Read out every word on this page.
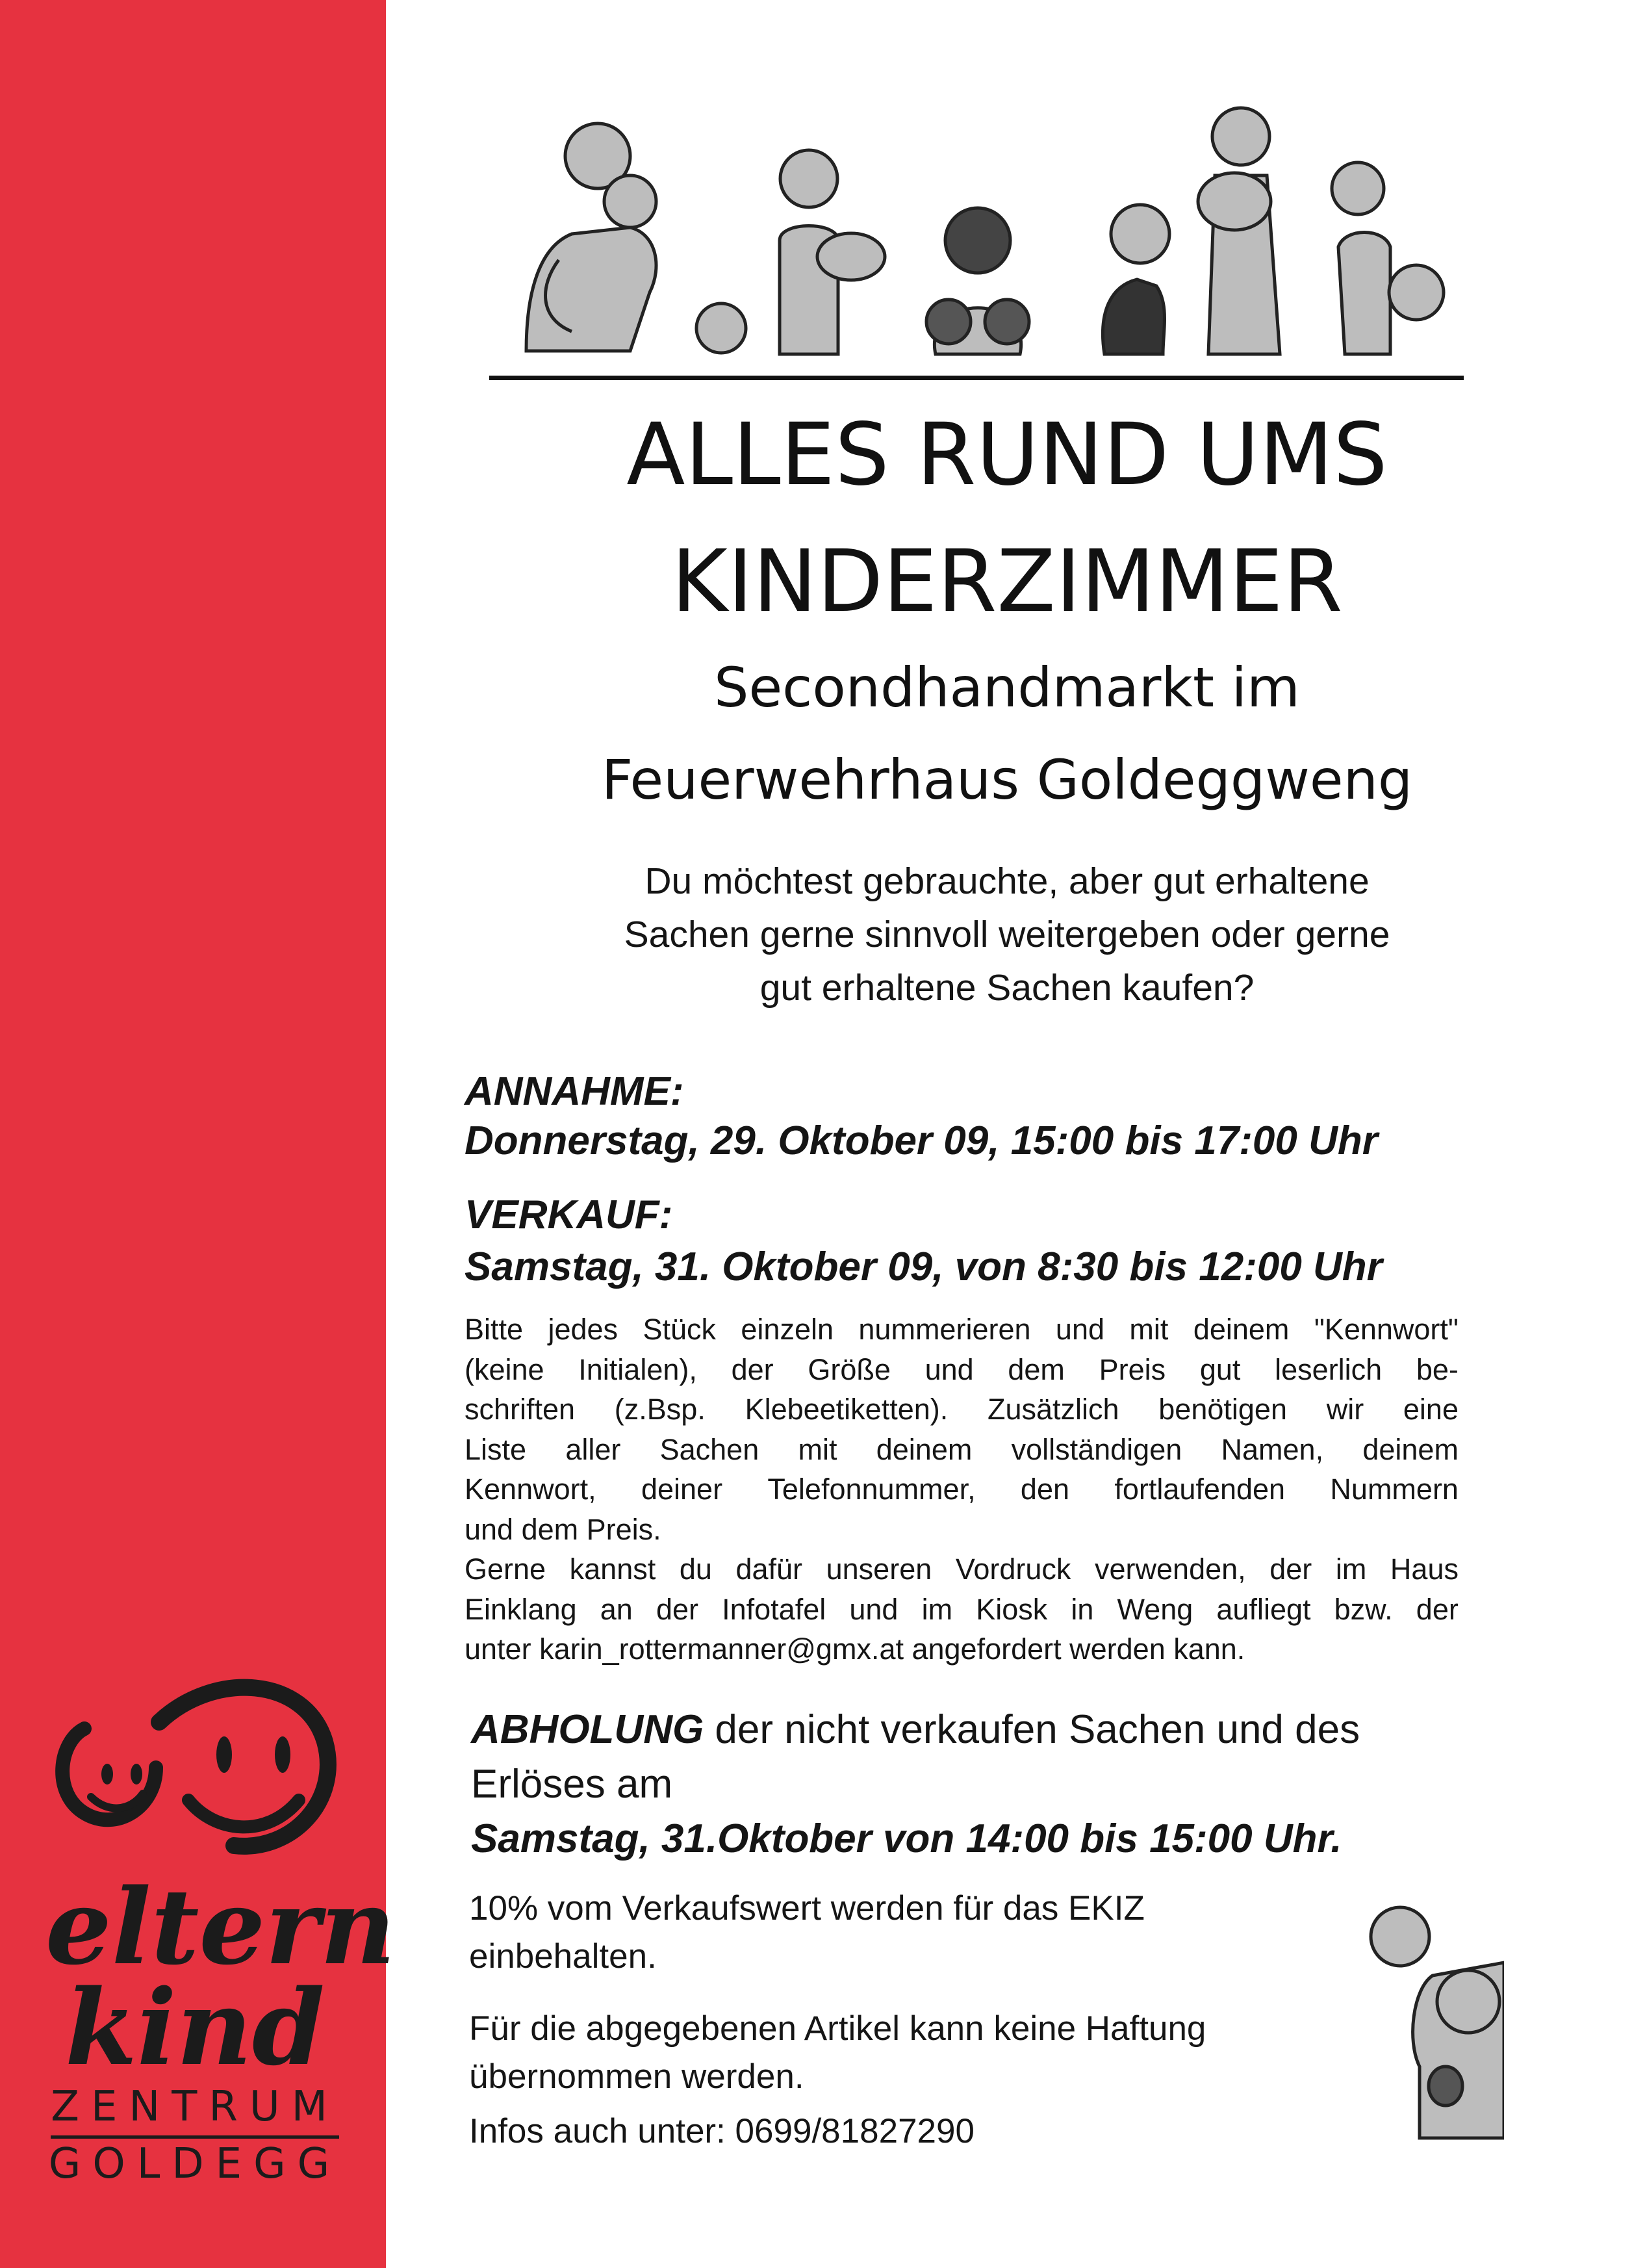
eltern
kind
ZENTRUM
GOLDEGG
ALLES RUND UMS
KINDERZIMMER
Secondhandmarkt im
Feuerwehrhaus Goldeggweng
Du möchtest gebrauchte, aber gut erhaltene
Sachen gerne sinnvoll weitergeben oder gerne
gut erhaltene Sachen kaufen?
ANNAHME:
Donnerstag, 29. Oktober 09, 15:00 bis 17:00 Uhr
VERKAUF:
Samstag, 31. Oktober 09, von 8:30 bis 12:00 Uhr
Bitte jedes Stück einzeln nummerieren und mit deinem "Kennwort"
(keine Initialen), der Größe und dem Preis gut leserlich be-
schriften (z.Bsp. Klebeetiketten). Zusätzlich benötigen wir eine
Liste aller Sachen mit deinem vollständigen Namen, deinem
Kennwort, deiner Telefonnummer, den fortlaufenden Nummern
und dem Preis.
Gerne kannst du dafür unseren Vordruck verwenden, der im Haus
Einklang an der Infotafel und im Kiosk in Weng aufliegt bzw. der
unter karin_rottermanner@gmx.at angefordert werden kann.
ABHOLUNG der nicht verkaufen Sachen und des
Erlöses am
Samstag, 31.Oktober von 14:00 bis 15:00 Uhr.
10% vom Verkaufswert werden für das EKIZ
einbehalten.
Für die abgegebenen Artikel kann keine Haftung
übernommen werden.
Infos auch unter: 0699/81827290
